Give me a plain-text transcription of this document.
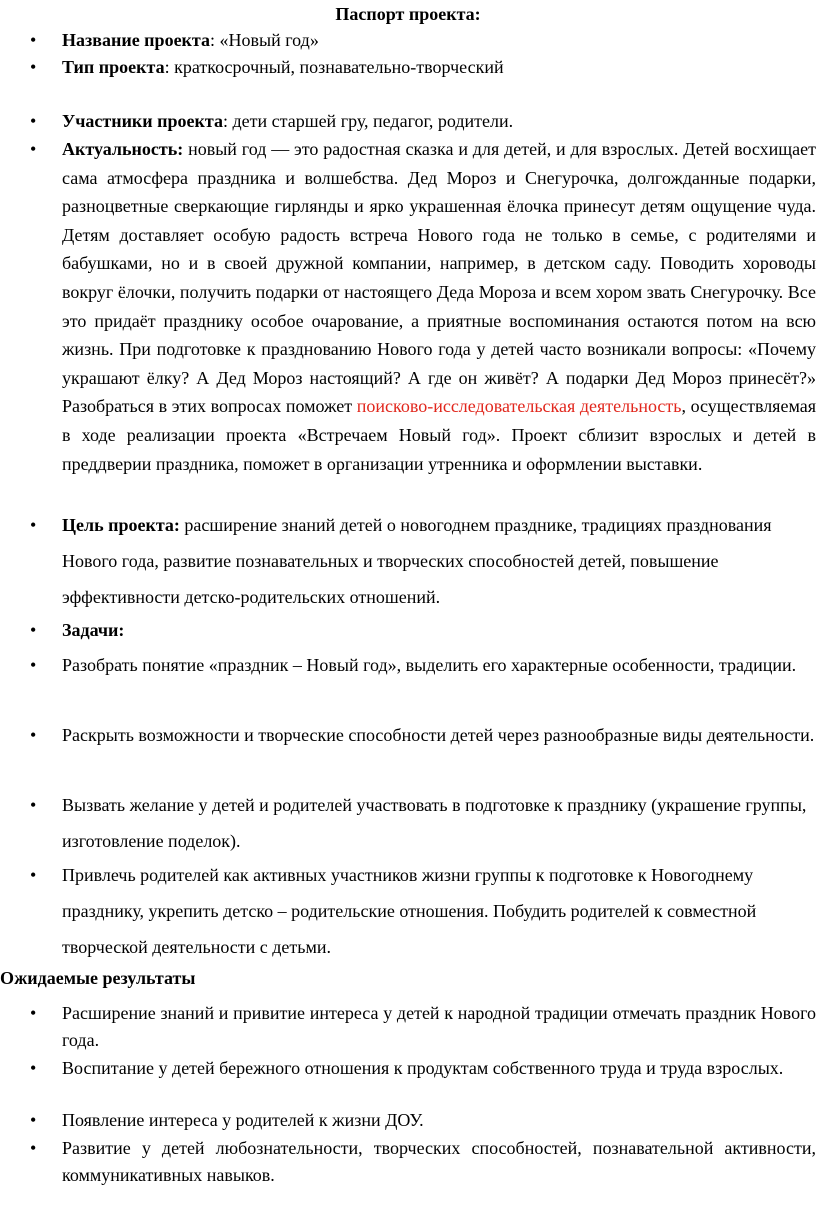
Паспорт проекта:
• Название проекта: «Новый год»
• Тип проекта: краткосрочный, познавательно-творческий
• Участники проекта: дети старшей гру, педагог, родители.
• Актуальность: новый год — это радостная сказка и для детей, и для взрослых. Детей восхищает сама атмосфера праздника и волшебства. Дед Мороз и Снегурочка, долгожданные подарки, разноцветные сверкающие гирлянды и ярко украшенная ёлочка принесут детям ощущение чуда. Детям доставляет особую радость встреча Нового года не только в семье, с родителями и бабушками, но и в своей дружной компании, например, в детском саду. Поводить хороводы вокруг ёлочки, получить подарки от настоящего Деда Мороза и всем хором звать Снегурочку. Все это придаёт празднику особое очарование, а приятные воспоминания остаются потом на всю жизнь. При подготовке к празднованию Нового года у детей часто возникали вопросы: «Почему украшают ёлку? А Дед Мороз настоящий? А где он живёт? А подарки Дед Мороз принесёт?» Разобраться в этих вопросах поможет поисково-исследовательская деятельность, осуществляемая в ходе реализации проекта «Встречаем Новый год». Проект сблизит взрослых и детей в преддверии праздника, поможет в организации утренника и оформлении выставки.
• Цель проекта: расширение знаний детей о новогоднем празднике, традициях празднования Нового года, развитие познавательных и творческих способностей детей, повышение эффективности детско-родительских отношений.
• Задачи:
• Разобрать понятие «праздник – Новый год», выделить его характерные особенности, традиции.
• Раскрыть возможности и творческие способности детей через разнообразные виды деятельности.
• Вызвать желание у детей и родителей участвовать в подготовке к празднику (украшение группы, изготовление поделок).
• Привлечь родителей как активных участников жизни группы к подготовке к Новогоднему празднику, укрепить детско – родительские отношения. Побудить родителей к совместной творческой деятельности с детьми.
Ожидаемые результаты
• Расширение знаний и привитие интереса у детей к народной традиции отмечать праздник Нового года.
• Воспитание у детей бережного отношения к продуктам собственного труда и труда взрослых.
• Появление интереса у родителей к жизни ДОУ.
• Развитие у детей любознательности, творческих способностей, познавательной активности, коммуникативных навыков.
